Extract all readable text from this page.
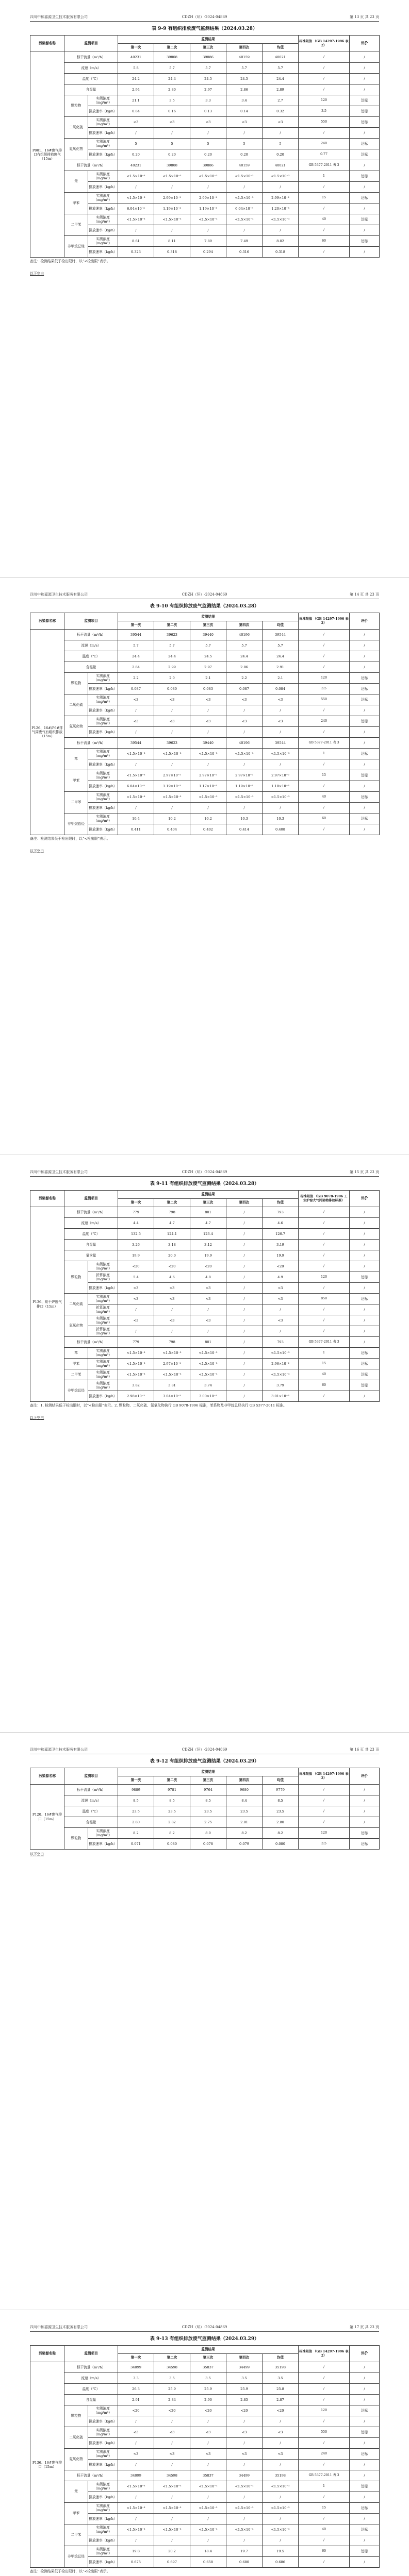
四川中和嘉源卫生技术服务有限公司	CDZH（环）-2024-04869	第 13 页 共 23 页
表 9-9 有组织排放废气监测结果（2024.03.28）
污染源名称	监测项目		监测结果					标准限值 （GB 14297-1996 表 2）	评价
			第一次	第二次	第三次	第四次	均值		
P001、16#废气排口有组织排放废气（15m）	标干流量（m³/h）		40231	39808	39886	40159	40021	/	/
	流速（m/s）		5.8	5.7	5.7	5.7	5.7	/	/
	温度（℃）		24.2	24.4	24.5	24.5	24.4	/	/
	含湿量		2.94	2.80	2.97	2.86	2.89	/	/
	颗粒物	实测浓度（mg/m³）	21.1	3.5	3.3	3.4	2.7	120	达标
		排放速率（kg/h）	0.84	0.16	0.13	0.14	0.32	3.5	达标
	二氧化硫	实测浓度（mg/m³）	<3	<3	<3	<3	<3	550	达标
		排放速率（kg/h）	/	/	/	/	/	/	/
	氮氧化物	实测浓度（mg/m³）	5	5	5	5	5	240	达标
		排放速率（kg/h）	0.20	0.20	0.20	0.20	0.20	0.77	达标
	标干流量（m³/h）		40231	39808	39886	40159	40021	GB 5377-2011 表 3	/
	苯	实测浓度（mg/m³）	<1.5×10⁻³	<1.5×10⁻³	<1.5×10⁻³	<1.5×10⁻³	<1.5×10⁻³	1	达标
		排放速率（kg/h）	/	/	/	/	/	/	/
	甲苯	实测浓度（mg/m³）	<1.5×10⁻³	2.99×10⁻²	2.99×10⁻²	<1.5×10⁻³	2.99×10⁻²	15	达标
		排放速率（kg/h）	6.04×10⁻⁵	1.19×10⁻³	1.19×10⁻³	6.04×10⁻⁵	1.20×10⁻³	/	/
	二甲苯	实测浓度（mg/m³）	<1.5×10⁻³	<1.5×10⁻³	<1.5×10⁻³	<1.5×10⁻³	<1.5×10⁻³	40	达标
		排放速率（kg/h）	/	/	/	/	/	/	/
	非甲烷总烃	实测浓度（mg/m³）	8.61	8.11	7.89	7.49	8.02	60	达标
		排放速率（kg/h）	0.323	0.318	0.294	0.316	0.318	/	/
备注：检测结果低于检出限时，以“<检出限”表示。
以下空白
四川中和嘉源卫生技术服务有限公司	CDZH（环）-2024-04869	第 14 页 共 23 页
表 9-10 有组织排放废气监测结果（2024.03.28）
污染源名称	监测项目		监测结果					标准限值 （GB 14297-1996 表 2）	评价
			第一次	第二次	第三次	第四次	均值		
P126、16#/P6#排气筒废气有组织排放（15m）	标干流量（m³/h）		39544	39623	39440	40196	39544	/	/
	流速（m/s）		5.7	5.7	5.7	5.7	5.7	/	/
	温度（℃）		24.4	24.4	24.5	24.4	24.4	/	/
	含湿量		2.84	2.99	2.97	2.86	2.91	/	/
	颗粒物	实测浓度（mg/m³）	2.2	2.0	2.1	2.2	2.1	120	达标
		排放速率（kg/h）	0.087	0.080	0.083	0.087	0.084	3.5	达标
	二氧化硫	实测浓度（mg/m³）	<3	<3	<3	<3	<3	550	达标
		排放速率（kg/h）	/	/	/	/	/	/	/
	氮氧化物	实测浓度（mg/m³）	<3	<3	<3	<3	<3	240	达标
		排放速率（kg/h）	/	/	/	/	/	/	/
	标干流量（m³/h）		39544	39623	39440	40196	39544	GB 5377-2011 表 3	/
	苯	实测浓度（mg/m³）	<1.5×10⁻³	<1.5×10⁻³	<1.5×10⁻³	<1.5×10⁻³	<1.5×10⁻³	1	达标
		排放速率（kg/h）	/	/	/	/	/	/	/
	甲苯	实测浓度（mg/m³）	<1.5×10⁻³	2.97×10⁻²	2.97×10⁻²	2.97×10⁻²	2.97×10⁻²	15	达标
		排放速率（kg/h）	6.04×10⁻⁵	1.19×10⁻³	1.17×10⁻³	1.19×10⁻³	1.18×10⁻³	/	/
	二甲苯	实测浓度（mg/m³）	<1.5×10⁻³	<1.5×10⁻³	<1.5×10⁻³	<1.5×10⁻³	<1.5×10⁻³	40	达标
		排放速率（kg/h）	/	/	/	/	/	/	/
	非甲烷总烃	实测浓度（mg/m³）	10.4	10.2	10.2	10.3	10.3	60	达标
		排放速率（kg/h）	0.411	0.404	0.402	0.414	0.408	/	/
备注：检测结果低于检出限时，以“<检出限”表示。
以下空白
四川中和嘉源卫生技术服务有限公司	CDZH（环）-2024-04869	第 15 页 共 23 页
表 9-11 有组织排放废气监测结果（2024.03.28）
污染源名称	监测项目		监测结果					标准限值 （GB 9078-1996 工业炉窑大气污染物排放标准）	评价
			第一次	第二次	第三次	第四次	均值		
P136、烘干炉废气排口（15m）	标干流量（m³/h）		779	798	801	/	793	/	/
	流速（m/s）		4.4	4.7	4.7	/	4.6	/	/
	温度（℃）		132.5	124.1	123.4	/	126.7	/	/
	含湿量		3.26	3.18	3.12	/	3.19	/	/
	氧含量		19.9	20.0	19.9	/	19.9	/	/
	颗粒物	实测浓度（mg/m³）	<20	<20	<20	/	<20	/	/
		折算浓度（mg/m³）	5.4	4.6	4.8	/	4.9	120	达标
		排放速率（kg/h）	<3	<3	<3	/	<3	/	/
	二氧化硫	实测浓度（mg/m³）	<3	<3	<3	/	<3	850	达标
		折算浓度（mg/m³）	/	/	/	/	/	/	/
	氮氧化物	实测浓度（mg/m³）	<3	<3	<3	/	<3	/	/
		折算浓度（mg/m³）	/	/	/	/	/	/	/
	标干流量（m³/h）		779	798	801	/	793	GB 5377-2011 表 3	/
	苯	实测浓度（mg/m³）	<1.5×10⁻³	<1.5×10⁻³	<1.5×10⁻³	/	<1.5×10⁻³	1	达标
	甲苯	实测浓度（mg/m³）	<1.5×10⁻³	2.97×10⁻²	<1.5×10⁻³	/	2.96×10⁻²	15	达标
	二甲苯	实测浓度（mg/m³）	<1.5×10⁻³	<1.5×10⁻³	<1.5×10⁻³	/	<1.5×10⁻³	40	达标
	非甲烷总烃	实测浓度（mg/m³）	3.82	3.81	3.74	/	3.79	60	达标
		排放速率（kg/h）	2.98×10⁻³	3.04×10⁻³	3.00×10⁻³	/	3.01×10⁻³	/	/
备注：1. 检测结果低于检出限时，以“<检出限”表示。2. 颗粒物、二氧化硫、氮氧化物执行 GB 9078-1996 标准，苯系物及非甲烷总烃执行 GB 5377-2011 标准。
以下空白
四川中和嘉源卫生技术服务有限公司	CDZH（环）-2024-04869	第 16 页 共 23 页
表 9-12 有组织排放废气监测结果（2024.03.29）
污染源名称	监测项目		监测结果					标准限值 （GB 14297-1996 表 2）	评价
			第一次	第二次	第三次	第四次	均值		
P120、16#废气排口（15m）	标干流量（m³/h）		9889	9781	9764	9680	9779	/	/
	流速（m/s）		8.5	8.5	8.5	8.4	8.5	/	/
	温度（℃）		23.5	23.5	23.5	23.5	23.5	/	/
	含湿量		2.80	2.82	2.75	2.81	2.80	/	/
	颗粒物	实测浓度（mg/m³）	8.2	8.2	8.0	8.2	8.2	120	达标
		排放速率（kg/h）	0.071	0.080	0.078	0.079	0.080	3.5	达标
以下空白
四川中和嘉源卫生技术服务有限公司	CDZH（环）-2024-04869	第 17 页 共 23 页
表 9-13 有组织排放废气监测结果（2024.03.29）
污染源名称	监测项目		监测结果					标准限值 （GB 14297-1996 表 2）	评价
			第一次	第二次	第三次	第四次	均值		
P136、16#废气排口（15m）	标干流量（m³/h）		34099	34598	35837	34499	35198	/	/
	流速（m/s）		3.3	3.5	3.5	3.5	3.5	/	/
	温度（℃）		26.3	25.9	25.9	25.9	25.8	/	/
	含湿量		2.91	2.84	2.90	2.85	2.87	/	/
	颗粒物	实测浓度（mg/m³）	<20	<20	<20	<20	<20	120	达标
		排放速率（kg/h）	/	/	/	/	/	/	/
	二氧化硫	实测浓度（mg/m³）	<3	<3	<3	<3	<3	550	达标
		排放速率（kg/h）	/	/	/	/	/	/	/
	氮氧化物	实测浓度（mg/m³）	<3	<3	<3	<3	<3	240	达标
		排放速率（kg/h）	/	/	/	/	/	/	/
	标干流量（m³/h）		34099	34598	35837	34499	35198	GB 5377-2011 表 3	/
	苯	实测浓度（mg/m³）	<1.5×10⁻³	<1.5×10⁻³	<1.5×10⁻³	<1.5×10⁻³	<1.5×10⁻³	1	达标
		排放速率（kg/h）	/	/	/	/	/	/	/
	甲苯	实测浓度（mg/m³）	<1.5×10⁻³	<1.5×10⁻³	<1.5×10⁻³	<1.5×10⁻³	<1.5×10⁻³	15	达标
		排放速率（kg/h）	/	/	/	/	/	/	/
	二甲苯	实测浓度（mg/m³）	<1.5×10⁻³	<1.5×10⁻³	<1.5×10⁻³	<1.5×10⁻³	<1.5×10⁻³	40	达标
		排放速率（kg/h）	/	/	/	/	/	/	/
	非甲烷总烃	实测浓度（mg/m³）	19.8	20.2	18.4	19.7	19.5	60	达标
		排放速率（kg/h）	0.675	0.697	0.658	0.680	0.686	/	/
备注：检测结果低于检出限时，以“<检出限”表示。
